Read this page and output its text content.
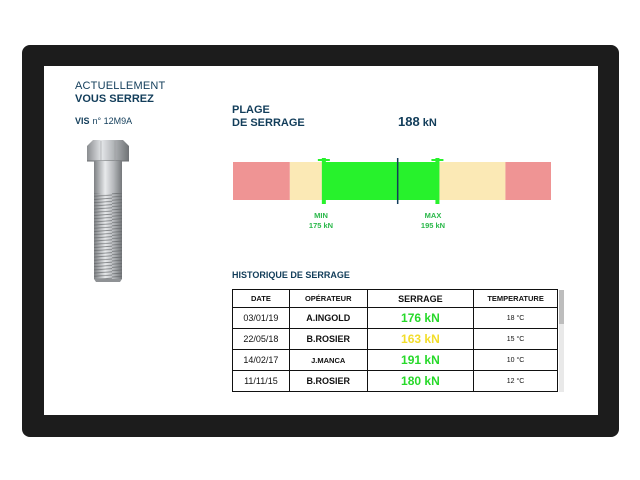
ACTUELLEMENT
VOUS SERREZ
VIS n° 12M9A
PLAGE
DE SERRAGE	188 kN
MIN
175 kN
MAX
195 kN
HISTORIQUE DE SERRAGE
DATE	OPÉRATEUR	SERRAGE	TEMPERATURE
03/01/19	A.INGOLD	176 kN	18 °C
22/05/18	B.ROSIER	163 kN	15 °C
14/02/17	J.MANCA	191 kN	10 °C
11/11/15	B.ROSIER	180 kN	12 °C
